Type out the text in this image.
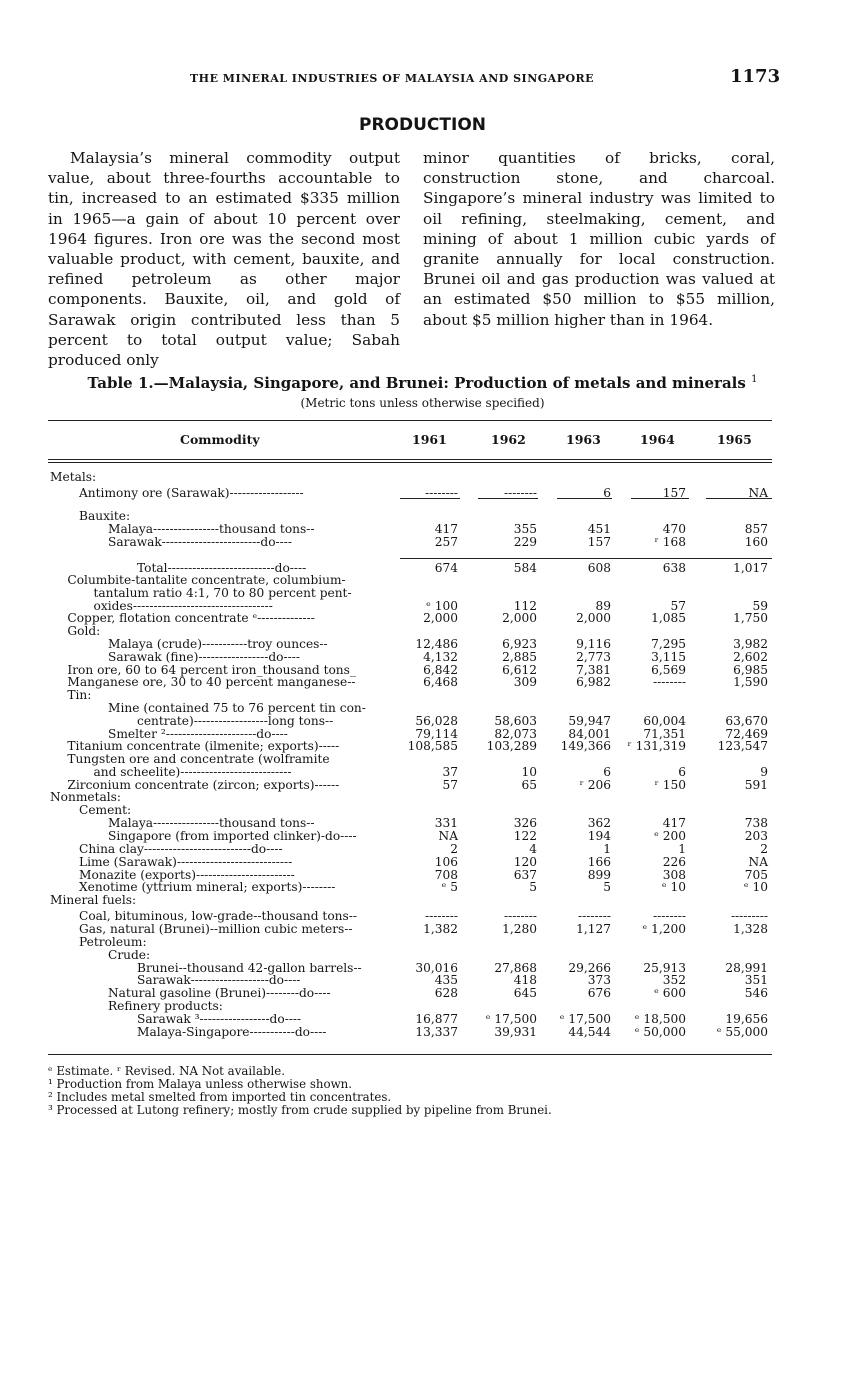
THE MINERAL INDUSTRIES OF MALAYSIA AND SINGAPORE	1173
PRODUCTION
Malaysia’s mineral commodity output value, about three-fourths accountable to tin, increased to an estimated $335 million in 1965—a gain of about 10 percent over 1964 figures. Iron ore was the second most valuable product, with cement, bauxite, and refined petroleum as other major components. Bauxite, oil, and gold of Sarawak origin contributed less than 5 percent to total output value; Sabah produced only
minor quantities of bricks, coral, construction stone, and charcoal. Singapore’s mineral industry was limited to oil refining, steelmaking, cement, and mining of about 1 million cubic yards of granite annually for local construction. Brunei oil and gas production was valued at an estimated $50 million to $55 million, about $5 million higher than in 1964.
Table 1.—Malaysia, Singapore, and Brunei: Production of metals and minerals $^1$
(Metric tons unless otherwise specified)
Commodity	1961	1962	1963	1964	1965
Metals:
Antimony ore (Sarawak)------------------	--------	--------	6	157	NA
Bauxite:
Malaya----------------thousand tons--	417	355	451	470	857
Sarawak------------------------do----	257	229	157	ʳ 168	160
Total--------------------------do----	674	584	608	638	1,017
Columbite-tantalite concentrate, columbium-
tantalum ratio 4:1, 70 to 80 percent pent-
oxides----------------------------------	ᵉ 100	112	89	57	59
Copper, flotation concentrate ᵉ--------------	2,000	2,000	2,000	1,085	1,750
Gold:
Malaya (crude)-----------troy ounces--	12,486	6,923	9,116	7,295	3,982
Sarawak (fine)-----------------do----	4,132	2,885	2,773	3,115	2,602
Iron ore, 60 to 64 percent iron_thousand tons_	6,842	6,612	7,381	6,569	6,985
Manganese ore, 30 to 40 percent manganese--	6,468	309	6,982	--------	1,590
Tin:
Mine (contained 75 to 76 percent tin con-
centrate)------------------long tons--	56,028	58,603	59,947	60,004	63,670
Smelter ²----------------------do----	79,114	82,073	84,001	71,351	72,469
Titanium concentrate (ilmenite; exports)-----	108,585	103,289	149,366	ʳ 131,319	123,547
Tungsten ore and concentrate (wolframite
and scheelite)---------------------------	37	10	6	6	9
Zirconium concentrate (zircon; exports)------	57	65	ʳ 206	ʳ 150	591
Nonmetals:
Cement:
Malaya----------------thousand tons--	331	326	362	417	738
Singapore (from imported clinker)-do----	NA	122	194	ᵉ 200	203
China clay--------------------------do----	2	4	1	1	2
Lime (Sarawak)----------------------------	106	120	166	226	NA
Monazite (exports)------------------------	708	637	899	308	705
Xenotime (yttrium mineral; exports)--------	ᵉ 5	5	5	ᵉ 10	ᵉ 10
Mineral fuels:
Coal, bituminous, low-grade--thousand tons--	--------	--------	--------	--------	---------
Gas, natural (Brunei)--million cubic meters--	1,382	1,280	1,127	ᵉ 1,200	1,328
Petroleum:
Crude:
Brunei--thousand 42-gallon barrels--	30,016	27,868	29,266	25,913	28,991
Sarawak-------------------do----	435	418	373	352	351
Natural gasoline (Brunei)--------do----	628	645	676	ᵉ 600	546
Refinery products:
Sarawak ³-----------------do----	16,877	ᵉ 17,500	ᵉ 17,500	ᵉ 18,500	19,656
Malaya-Singapore-----------do----	13,337	39,931	44,544	ᵉ 50,000	ᵉ 55,000
ᵉ Estimate. ʳ Revised. NA Not available.
¹ Production from Malaya unless otherwise shown.
² Includes metal smelted from imported tin concentrates.
³ Processed at Lutong refinery; mostly from crude supplied by pipeline from Brunei.
